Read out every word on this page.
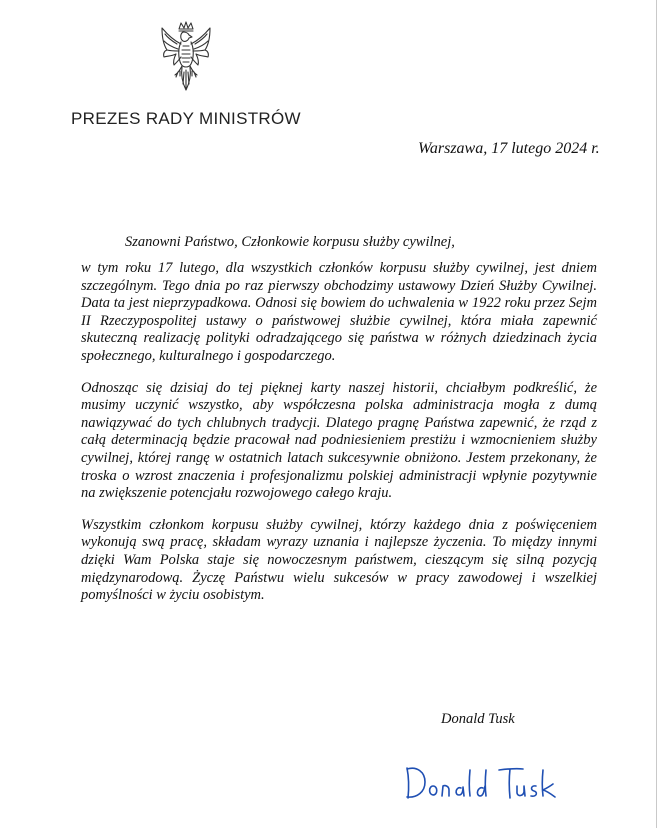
PREZES RADY MINISTRÓW
Warszawa, 17 lutego 2024 r.
Szanowni Państwo, Członkowie korpusu służby cywilnej,

w tym roku 17 lutego, dla wszystkich członków korpusu służby cywilnej, jest dniem szczególnym. Tego dnia po raz pierwszy obchodzimy ustawowy Dzień Służby Cywilnej. Data ta jest nieprzypadkowa. Odnosi się bowiem do uchwalenia w 1922 roku przez Sejm II Rzeczypospolitej ustawy o państwowej służbie cywilnej, która miała zapewnić skuteczną realizację polityki odradzającego się państwa w różnych dziedzinach życia społecznego, kulturalnego i gospodarczego.

Odnosząc się dzisiaj do tej pięknej karty naszej historii, chciałbym podkreślić, że musimy uczynić wszystko, aby współczesna polska administracja mogła z dumą nawiązywać do tych chlubnych tradycji. Dlatego pragnę Państwa zapewnić, że rząd z całą determinacją będzie pracował nad podniesieniem prestiżu i wzmocnieniem służby cywilnej, której rangę w ostatnich latach sukcesywnie obniżono. Jestem przekonany, że troska o wzrost znaczenia i profesjonalizmu polskiej administracji wpłynie pozytywnie na zwiększenie potencjału rozwojowego całego kraju.

Wszystkim członkom korpusu służby cywilnej, którzy każdego dnia z poświęceniem wykonują swą pracę, składam wyrazy uznania i najlepsze życzenia. To między innymi dzięki Wam Polska staje się nowoczesnym państwem, cieszącym się silną pozycją międzynarodową. Życzę Państwu wielu sukcesów w pracy zawodowej i wszelkiej pomyślności w życiu osobistym.

Donald Tusk
